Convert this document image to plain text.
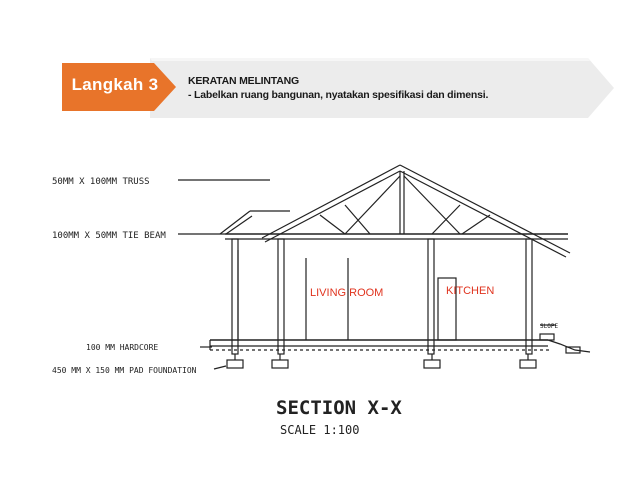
Langkah 3	KERATAN MELINTANG
- Labelkan ruang bangunan, nyatakan spesifikasi dan dimensi.
50MM X 100MM TRUSS
100MM X 50MM TIE BEAM
100 MM HARDCORE
450 MM X 150 MM PAD FOUNDATION
SLOPE
LIVING ROOM	KITCHEN
SECTION X-X
SCALE 1:100
